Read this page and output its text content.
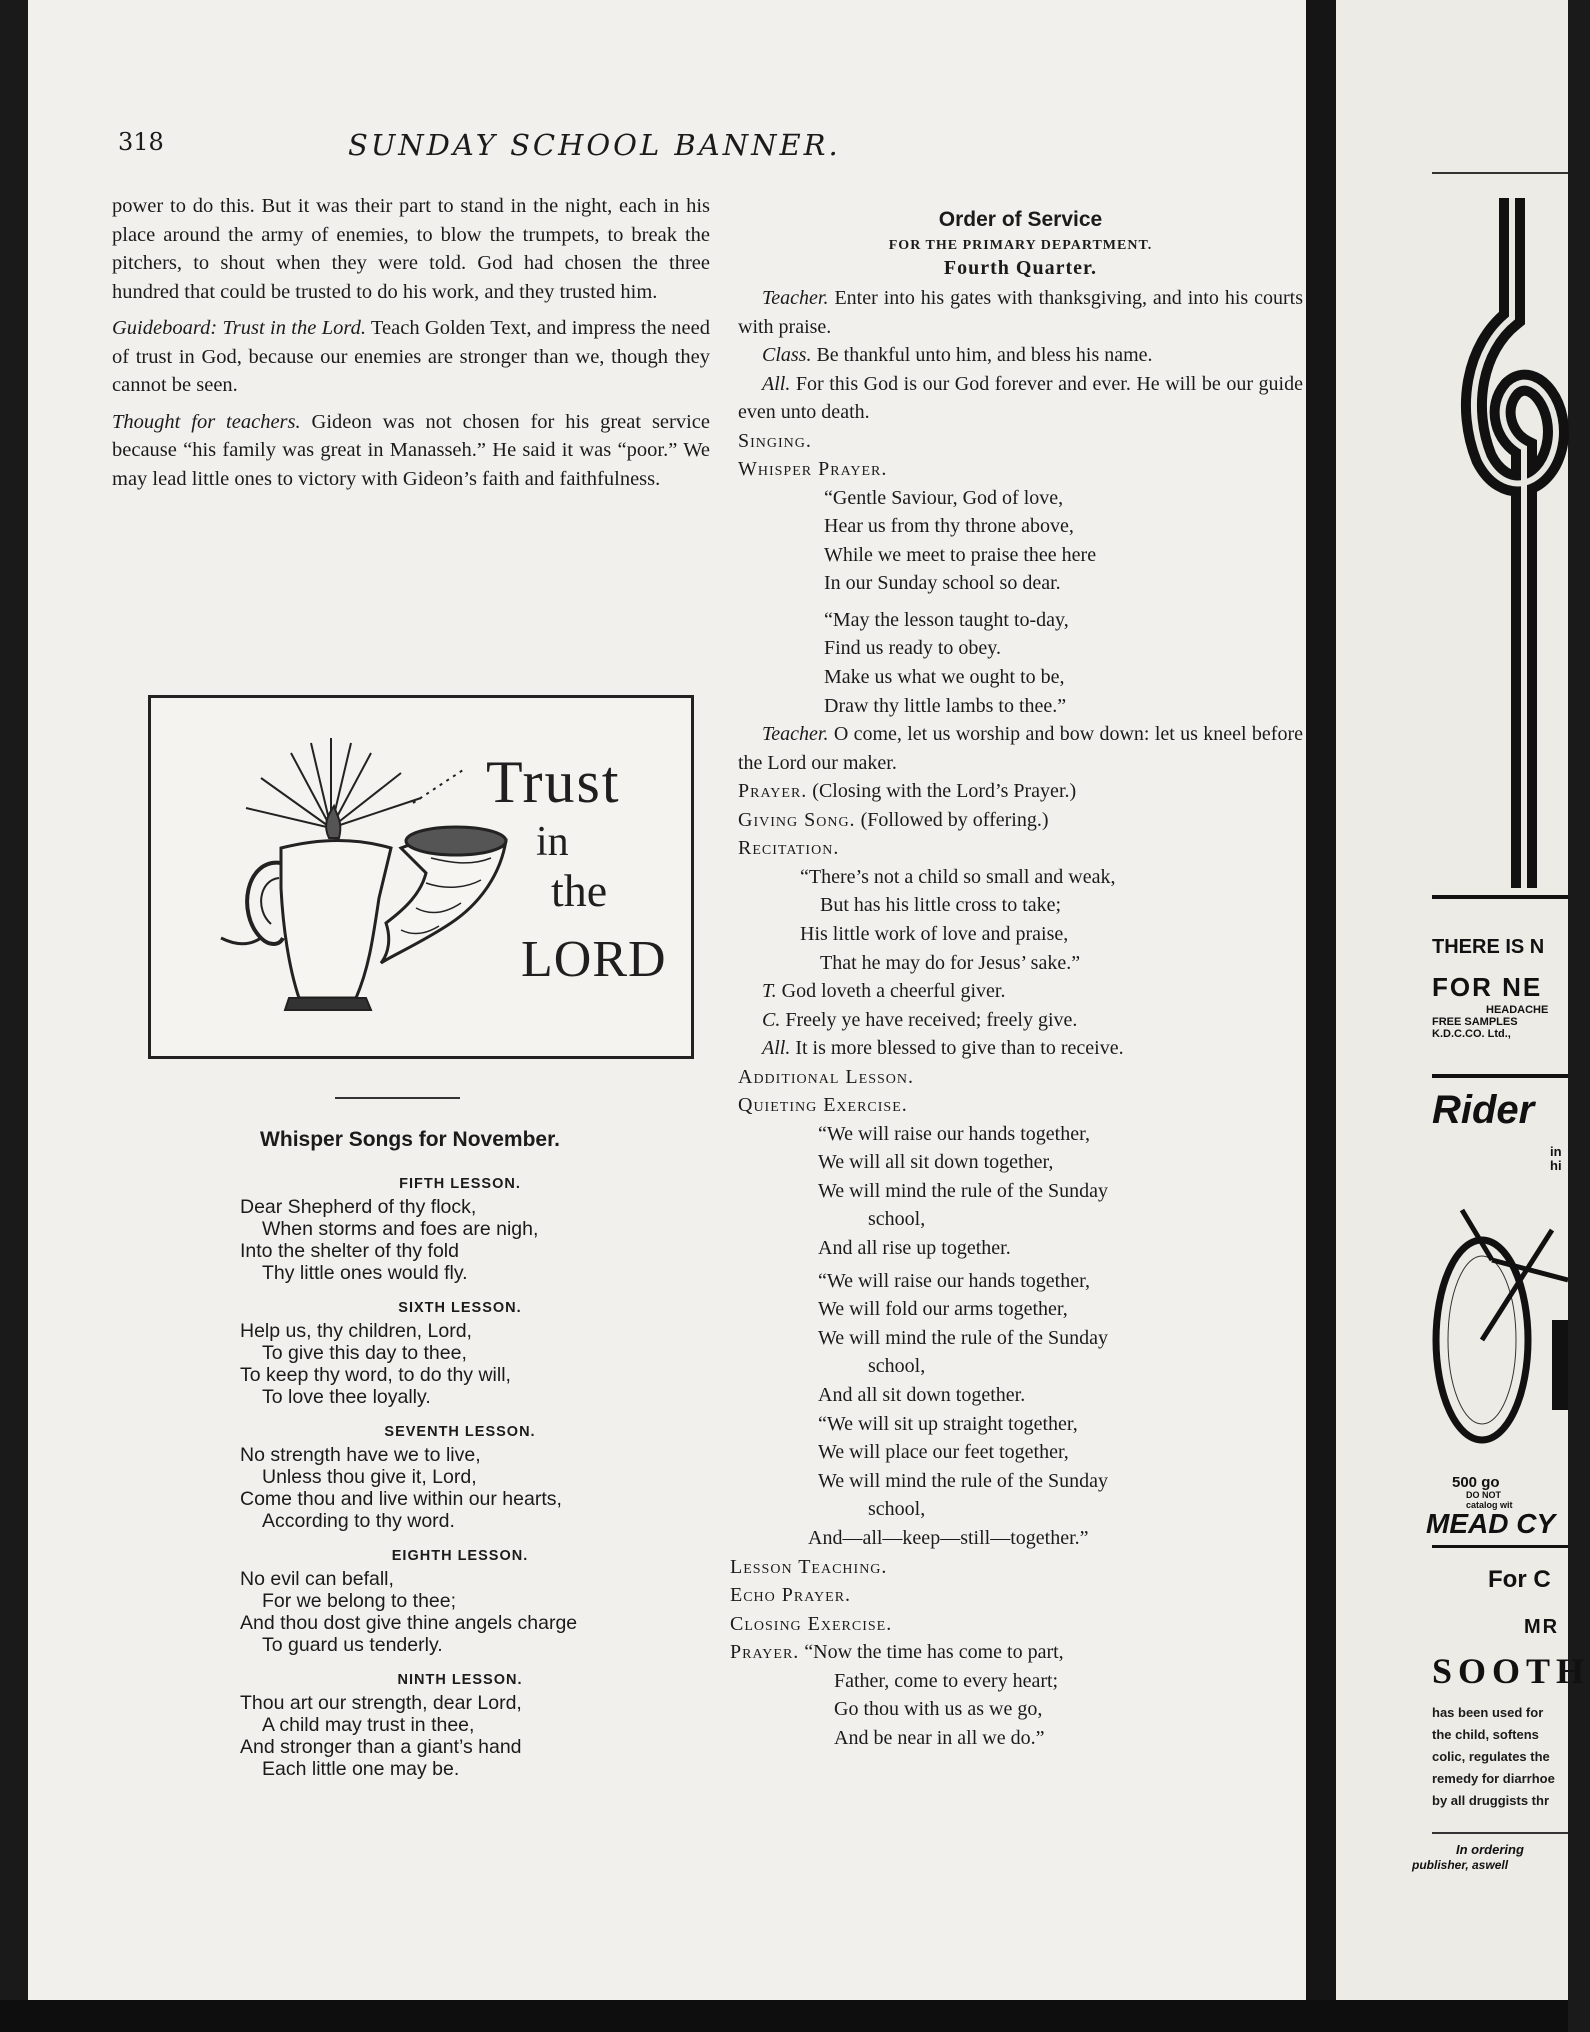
318	SUNDAY SCHOOL BANNER.

power to do this. But it was their part to stand in the night, each in his place around the army of enemies, to blow the trumpets, to break the pitchers, to shout when they were told. God had chosen the three hundred that could be trusted to do his work, and they trusted him.

Guideboard: Trust in the Lord. Teach Golden Text, and impress the need of trust in God, because our enemies are stronger than we, though they cannot be seen.

Thought for teachers. Gideon was not chosen for his great service because “his family was great in Manasseh.” He said it was “poor.” We may lead little ones to victory with Gideon’s faith and faithfulness.

Trust
in
the
LORD
Whisper Songs for November.
FIFTH LESSON.
Dear Shepherd of thy flock,
When storms and foes are nigh,
Into the shelter of thy fold
Thy little ones would fly.
SIXTH LESSON.
Help us, thy children, Lord,
To give this day to thee,
To keep thy word, to do thy will,
To love thee loyally.
SEVENTH LESSON.
No strength have we to live,
Unless thou give it, Lord,
Come thou and live within our hearts,
According to thy word.
EIGHTH LESSON.
No evil can befall,
For we belong to thee;
And thou dost give thine angels charge
To guard us tenderly.
NINTH LESSON.
Thou art our strength, dear Lord,
A child may trust in thee,
And stronger than a giant’s hand
Each little one may be.
Order of Service
FOR THE PRIMARY DEPARTMENT.
Fourth Quarter.
Teacher. Enter into his gates with thanksgiving, and into his courts with praise.
Class. Be thankful unto him, and bless his name.
All. For this God is our God forever and ever. He will be our guide even unto death.
Singing.
Whisper Prayer.
“Gentle Saviour, God of love,
Hear us from thy throne above,
While we meet to praise thee here
In our Sunday school so dear.
“May the lesson taught to-day,
Find us ready to obey.
Make us what we ought to be,
Draw thy little lambs to thee.”
Teacher. O come, let us worship and bow down: let us kneel before the Lord our maker.
Prayer. (Closing with the Lord’s Prayer.)
Giving Song. (Followed by offering.)
Recitation.
“There’s not a child so small and weak,
But has his little cross to take;
His little work of love and praise,
That he may do for Jesus’ sake.”
T. God loveth a cheerful giver.
C. Freely ye have received; freely give.
All. It is more blessed to give than to receive.
Additional Lesson.
Quieting Exercise.
“We will raise our hands together,
We will all sit down together,
We will mind the rule of the Sunday
school,
And all rise up together.
“We will raise our hands together,
We will fold our arms together,
We will mind the rule of the Sunday
school,
And all sit down together.
“We will sit up straight together,
We will place our feet together,
We will mind the rule of the Sunday
school,
And—all—keep—still—together.”
Lesson Teaching.
Echo Prayer.
Closing Exercise.
Prayer. “Now the time has come to part,
Father, come to every heart;
Go thou with us as we go,
And be near in all we do.”
THERE IS N
FOR NE
HEADACHE
FREE SAMPLES
K.D.C.CO. Ltd.,
Rider
in
hi
500 go
DO NOT
catalog wit
MEAD CY
For C
MR
SOOTH
has been used for
the child, softens
colic, regulates the
remedy for diarrhoe
by all druggists thr
In ordering
publisher, aswell
